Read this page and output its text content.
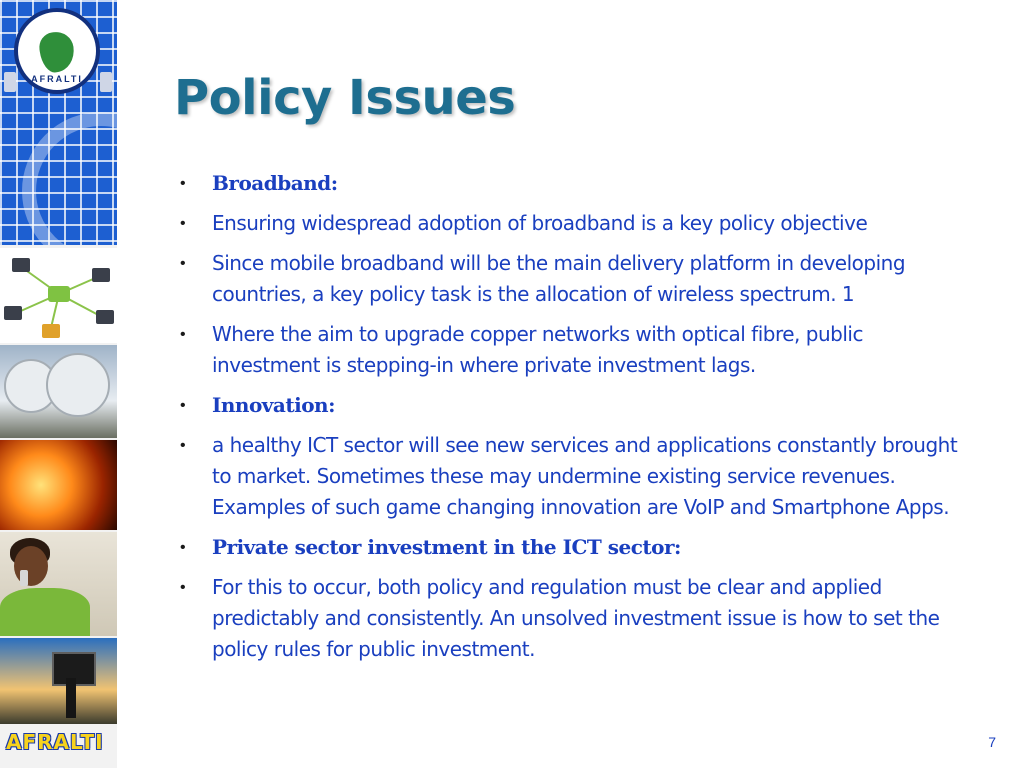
AFRALTI
AFRALTI
Policy Issues
• Broadband:
• Ensuring widespread adoption of broadband is a key policy objective
• Since mobile broadband will be the main delivery platform in developing countries, a key policy task is the allocation of wireless spectrum. 1
• Where the aim to upgrade copper networks with optical fibre, public investment is stepping-in where private investment lags.
• Innovation:
• a healthy ICT sector will see new services and applications constantly brought to market. Sometimes these may undermine existing service revenues. Examples of such game changing innovation are VoIP and Smartphone Apps.
• Private sector investment in the ICT sector:
• For this to occur, both policy and regulation must be clear and applied predictably and consistently. An unsolved investment issue is how to set the policy rules for public investment.
7
